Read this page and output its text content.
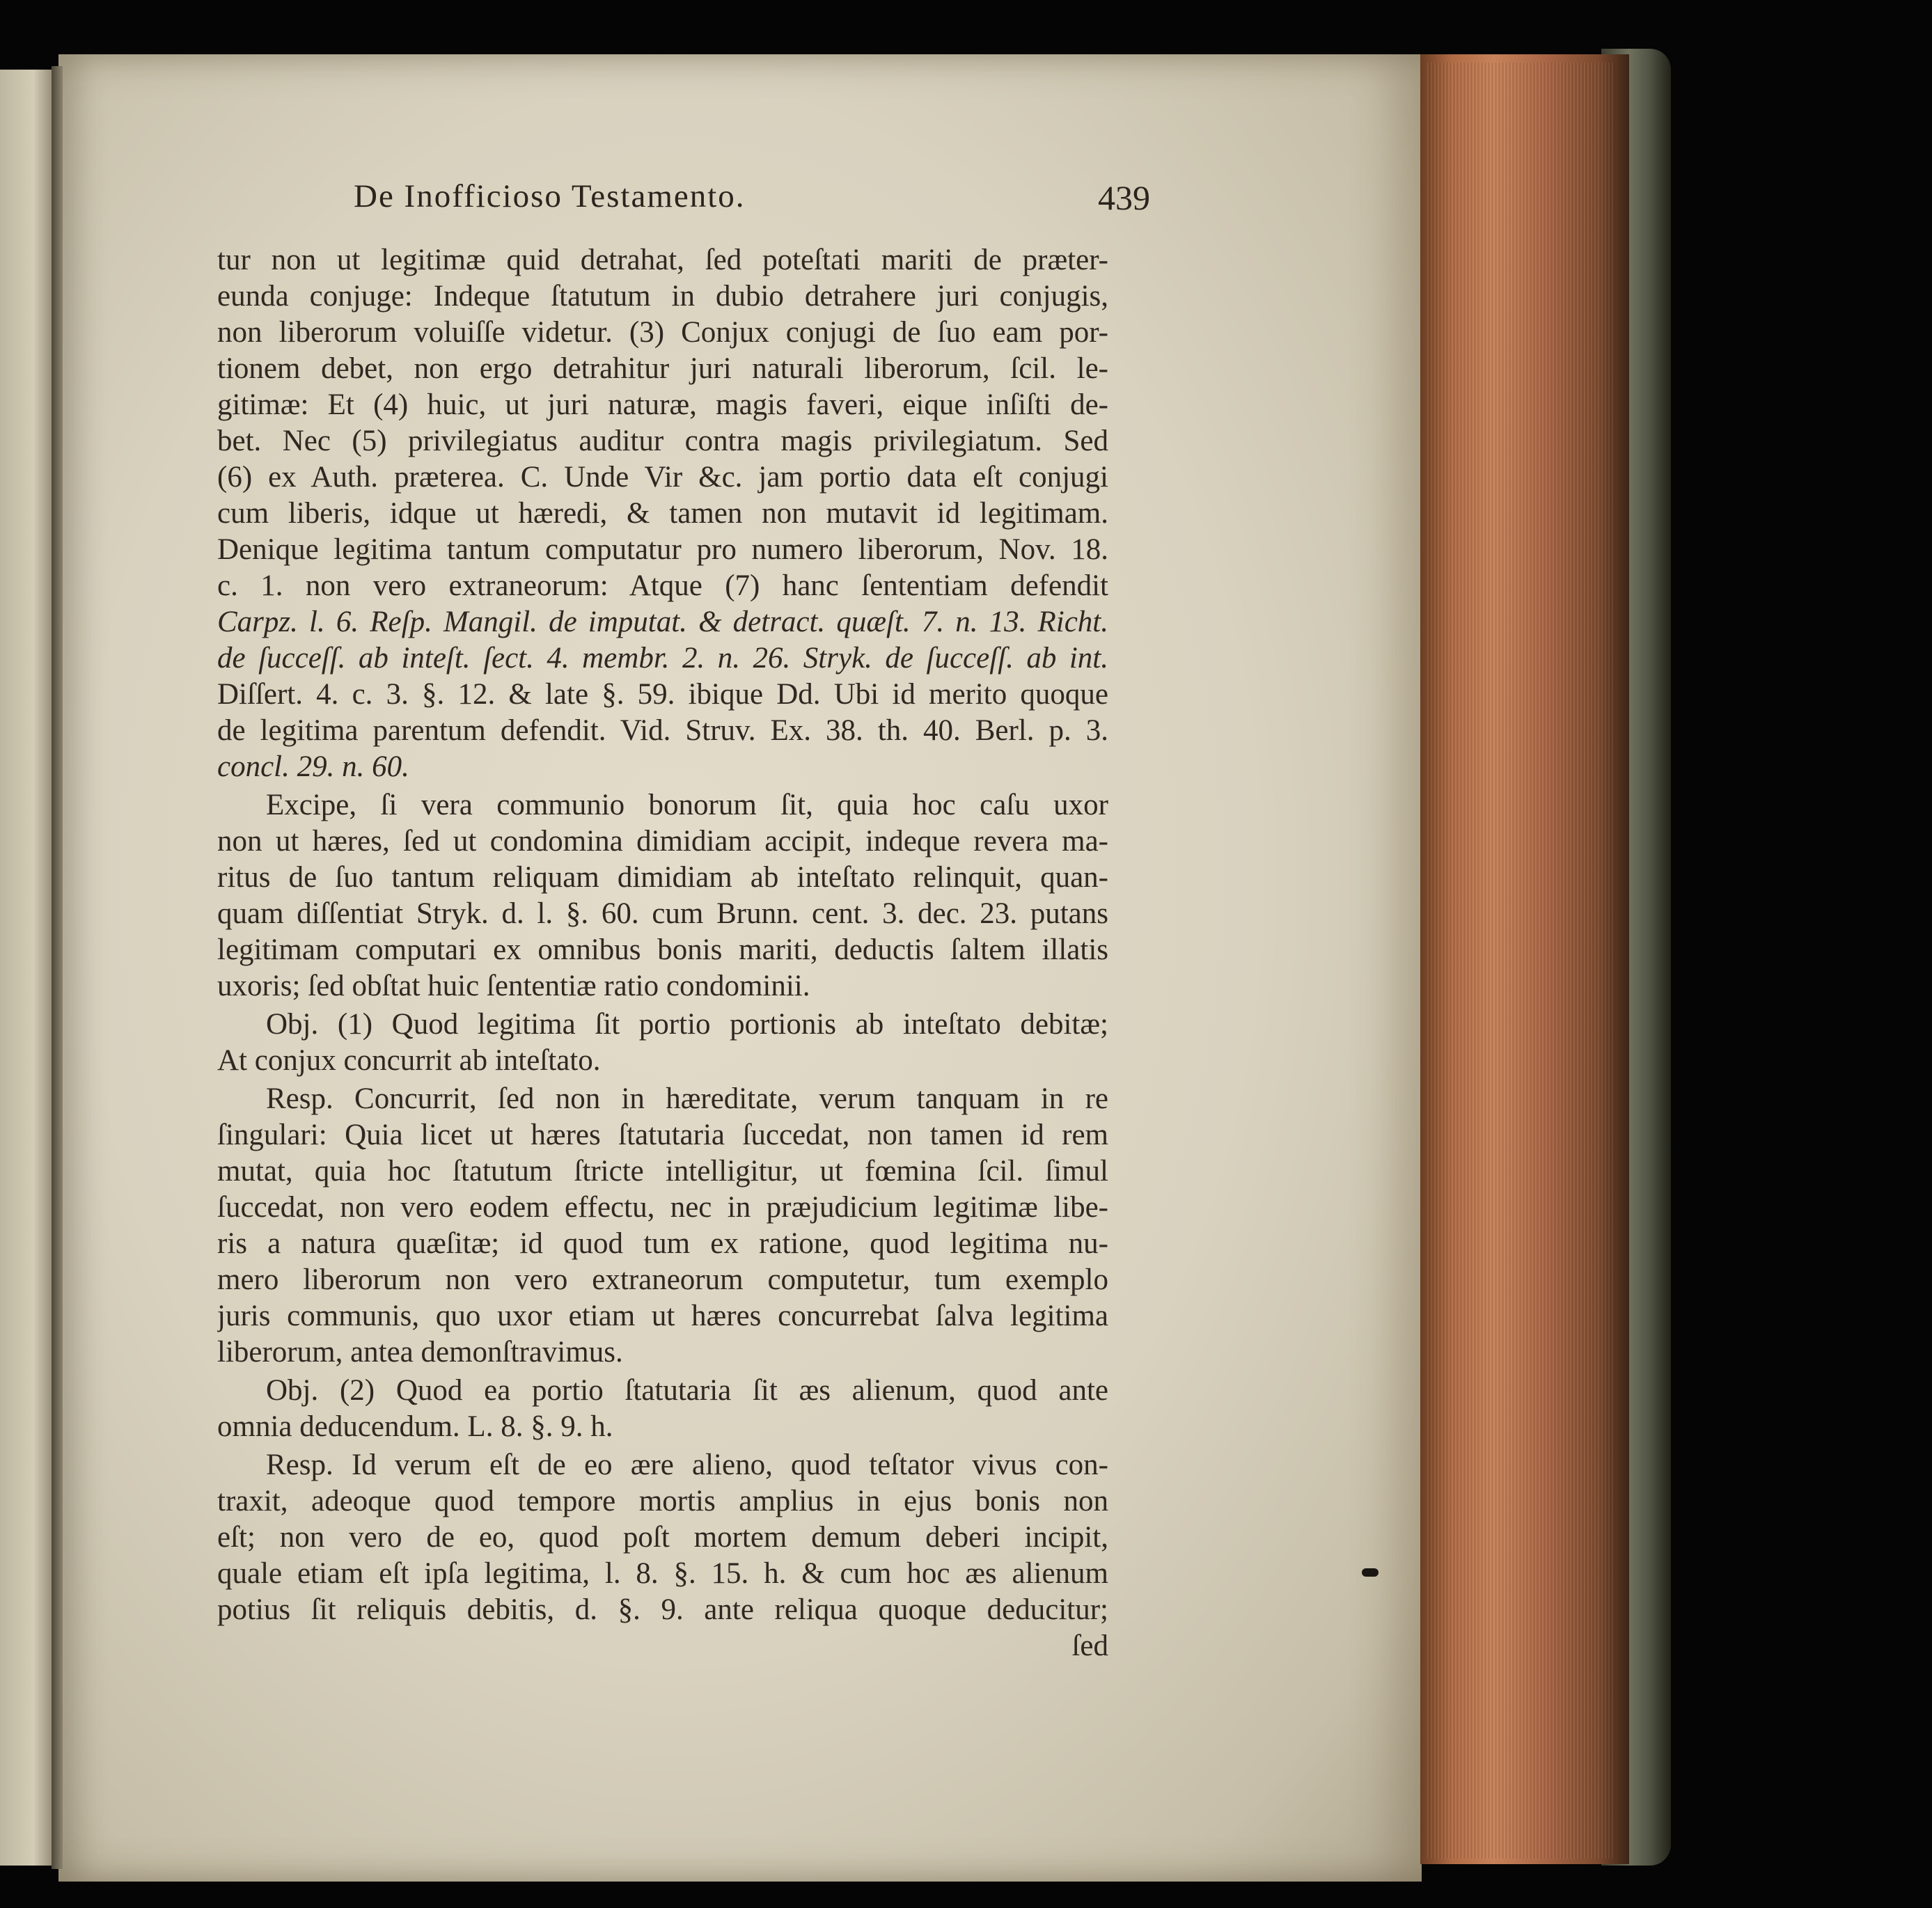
De Inofficioso Testamento.	439
tur non ut legitimæ quid detrahat, ſed poteſtati mariti de præter-
eunda conjuge: Indeque ſtatutum in dubio detrahere juri conjugis,
non liberorum voluiſſe videtur. (3) Conjux conjugi de ſuo eam por-
tionem debet, non ergo detrahitur juri naturali liberorum, ſcil. le-
gitimæ: Et (4) huic, ut juri naturæ, magis faveri, eique inſiſti de-
bet. Nec (5) privilegiatus auditur contra magis privilegiatum. Sed
(6) ex Auth. præterea. C. Unde Vir &c. jam portio data eſt conjugi
cum liberis, idque ut hæredi, & tamen non mutavit id legitimam.
Denique legitima tantum computatur pro numero liberorum, Nov. 18.
c. 1. non vero extraneorum: Atque (7) hanc ſententiam defendit
Carpz. l. 6. Reſp. Mangil. de imputat. & detract. quæſt. 7. n. 13. Richt.
de ſucceſſ. ab inteſt. ſect. 4. membr. 2. n. 26. Stryk. de ſucceſſ. ab int.
Diſſert. 4. c. 3. §. 12. & late §. 59. ibique Dd. Ubi id merito quoque
de legitima parentum defendit. Vid. Struv. Ex. 38. th. 40. Berl. p. 3.
concl. 29. n. 60.
Excipe, ſi vera communio bonorum ſit, quia hoc caſu uxor
non ut hæres, ſed ut condomina dimidiam accipit, indeque revera ma-
ritus de ſuo tantum reliquam dimidiam ab inteſtato relinquit, quan-
quam diſſentiat Stryk. d. l. §. 60. cum Brunn. cent. 3. dec. 23. putans
legitimam computari ex omnibus bonis mariti, deductis ſaltem illatis
uxoris; ſed obſtat huic ſententiæ ratio condominii.
Obj. (1) Quod legitima ſit portio portionis ab inteſtato debitæ;
At conjux concurrit ab inteſtato.
Resp. Concurrit, ſed non in hæreditate, verum tanquam in re
ſingulari: Quia licet ut hæres ſtatutaria ſuccedat, non tamen id rem
mutat, quia hoc ſtatutum ſtricte intelligitur, ut fœmina ſcil. ſimul
ſuccedat, non vero eodem effectu, nec in præjudicium legitimæ libe-
ris a natura quæſitæ; id quod tum ex ratione, quod legitima nu-
mero liberorum non vero extraneorum computetur, tum exemplo
juris communis, quo uxor etiam ut hæres concurrebat ſalva legitima
liberorum, antea demonſtravimus.
Obj. (2) Quod ea portio ſtatutaria ſit æs alienum, quod ante
omnia deducendum. L. 8. §. 9. h.
Resp. Id verum eſt de eo ære alieno, quod teſtator vivus con-
traxit, adeoque quod tempore mortis amplius in ejus bonis non
eſt; non vero de eo, quod poſt mortem demum deberi incipit,
quale etiam eſt ipſa legitima, l. 8. §. 15. h. & cum hoc æs alienum
potius ſit reliquis debitis, d. §. 9. ante reliqua quoque deducitur;
ſed
